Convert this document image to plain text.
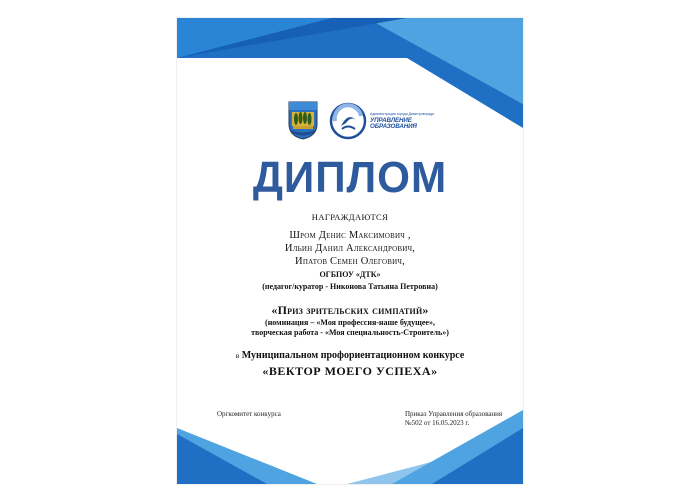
Администрация города Димитровграда
УПРАВЛЕНИЕ ОБРАЗОВАНИЯ
ДИПЛОМ
НАГРАЖДАЮТСЯ
Шром Денис Максимович ,
Ильин Данил Александрович,
Ипатов Семен Олегович,
ОГБПОУ «ДТК»
(педагог/куратор - Никонова Татьяна Петровна)
«Приз зрительских симпатий»
(номинация – «Моя профессия-наше будущее»,
творческая работа - «Моя специальность-Строитель»)
в Муниципальном профориентационном конкурсе
«ВЕКТОР МОЕГО УСПЕХА»
Оргкомитет конкурса	Приказ Управления образования
№502 от 16.05.2023 г.
